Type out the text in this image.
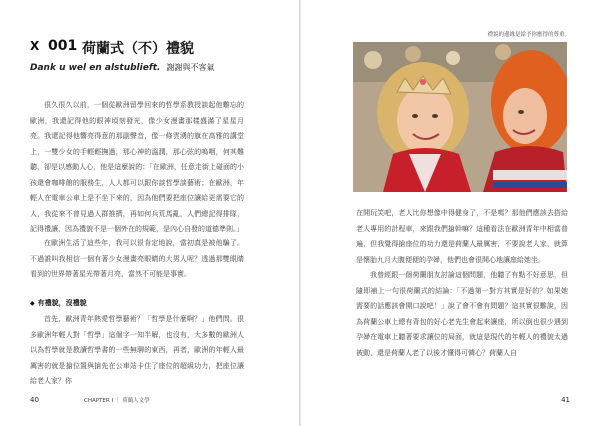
X 001 荷蘭式（不）禮貌
Dank u wel en alstublieft. 謝謝與不客氣

很久很久以前，一個從歐洲留學回來的哲學系教授談起他難忘的歐洲，我還記得他的眼神頃刻發光，像少女漫畫那樣盛滿了星星月亮。我還記得他響亮得意的那副聲音，像一條雲湧的旗在高雅的講堂上，一雙少女的手輕輕撫過，那心神的溫潤，那心弦的嗚咽，何其難聽，卻是以感動人心，他是這麼說的：「在歐洲，任意走街上碰面的小孩還會咖啡館的服務生，人人都可以跟你談哲學談藝術；在歐洲，年輕人在電車公車上是不坐下來的，因為他們要把座位讓給更需要它的人，我從來不曾見過人群推擠，再如何兵荒馬亂，人們總記得排隊，記得禮讓，因為禮貌不是一個外在的規範，是內心自發的道德準則。」

在歐洲生活了這些年，我可以很肯定地說，當初真是被他騙了。不過誰叫我相信一個有著少女漫畫亮眼睛的大男人呢？透過那雙眼睛看到的世界帶著星光帶著月亮，當然不可能是事實。

◆ 有禮貌，沒禮貌

首先，歐洲青年熱愛哲學藝術？「哲學是什麼啊？」他們問。很多歐洲年輕人對「哲學」這個字一知半解，也沒有，大多數的歐洲人以為哲學就是教讀哲學書的一些無聊的東西，再者，歐洲的年輕人最厲害的就是搶位置與搶先在公車站卡住了座位的超級功力，把座位讓給老人家？你

40	CHAPTER I ｜ 荷蘭人文學
禮貌的邊緣是給予你應得的尊重。

在開玩笑吧，老人比你想像中得健身了，不是嗎？那他們應該去搭給老人專用的計程車，來跟我們搶幹嘛？這種看法在歐洲青年中相當普遍，但我覺得搶座位的功力還是荷蘭人最厲害，不要說老人家，就算是懷胎九月大腹便便的孕婦，他們也會很開心地讓座給她坐。

我曾經跟一個荷蘭朋友討論這個問題，他聽了有點不好意思，但隨即補上一句很荷蘭式的結論：「不過第一對方其實是好的？如果她需要的話應該會開口說吧！」說了會不會有問題？這其實很難說，因為荷蘭公車上總有背包的好心老先生會起來讓座，所以倒也很少遇到孕婦在電車上聽著要求讓位的局面，就這是現代的年輕人的禮貌太過被動，還是荷蘭人老了以後才懂得可憐心？荷蘭人自

41
